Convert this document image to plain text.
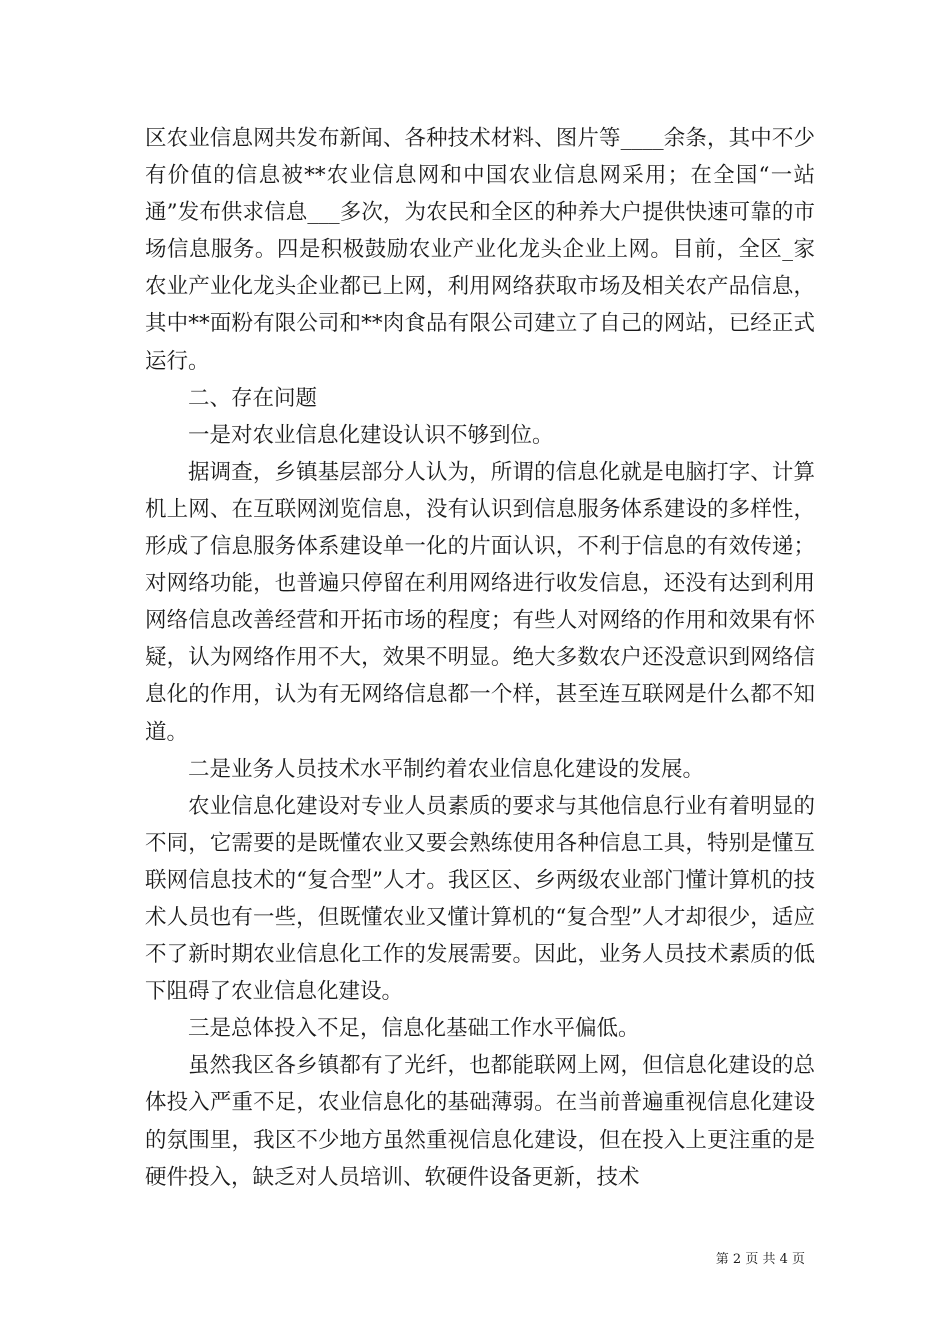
区农业信息网共发布新闻、各种技术材料、图片等____余条，其中不少有价值的信息被**农业信息网和中国农业信息网采用；在全国“一站通”发布供求信息___多次，为农民和全区的种养大户提供快速可靠的市场信息服务。四是积极鼓励农业产业化龙头企业上网。目前，全区_家农业产业化龙头企业都已上网，利用网络获取市场及相关农产品信息，其中**面粉有限公司和**肉食品有限公司建立了自己的网站，已经正式运行。

二、存在问题

一是对农业信息化建设认识不够到位。

据调查，乡镇基层部分人认为，所谓的信息化就是电脑打字、计算机上网、在互联网浏览信息，没有认识到信息服务体系建设的多样性，形成了信息服务体系建设单一化的片面认识，不利于信息的有效传递；对网络功能，也普遍只停留在利用网络进行收发信息，还没有达到利用网络信息改善经营和开拓市场的程度；有些人对网络的作用和效果有怀疑，认为网络作用不大，效果不明显。绝大多数农户还没意识到网络信息化的作用，认为有无网络信息都一个样，甚至连互联网是什么都不知道。

二是业务人员技术水平制约着农业信息化建设的发展。

农业信息化建设对专业人员素质的要求与其他信息行业有着明显的不同，它需要的是既懂农业又要会熟练使用各种信息工具，特别是懂互联网信息技术的“复合型”人才。我区区、乡两级农业部门懂计算机的技术人员也有一些，但既懂农业又懂计算机的“复合型”人才却很少，适应不了新时期农业信息化工作的发展需要。因此，业务人员技术素质的低下阻碍了农业信息化建设。

三是总体投入不足，信息化基础工作水平偏低。

虽然我区各乡镇都有了光纤，也都能联网上网，但信息化建设的总体投入严重不足，农业信息化的基础薄弱。在当前普遍重视信息化建设的氛围里，我区不少地方虽然重视信息化建设，但在投入上更注重的是硬件投入，缺乏对人员培训、软硬件设备更新，技术

第 2 页 共 4 页
